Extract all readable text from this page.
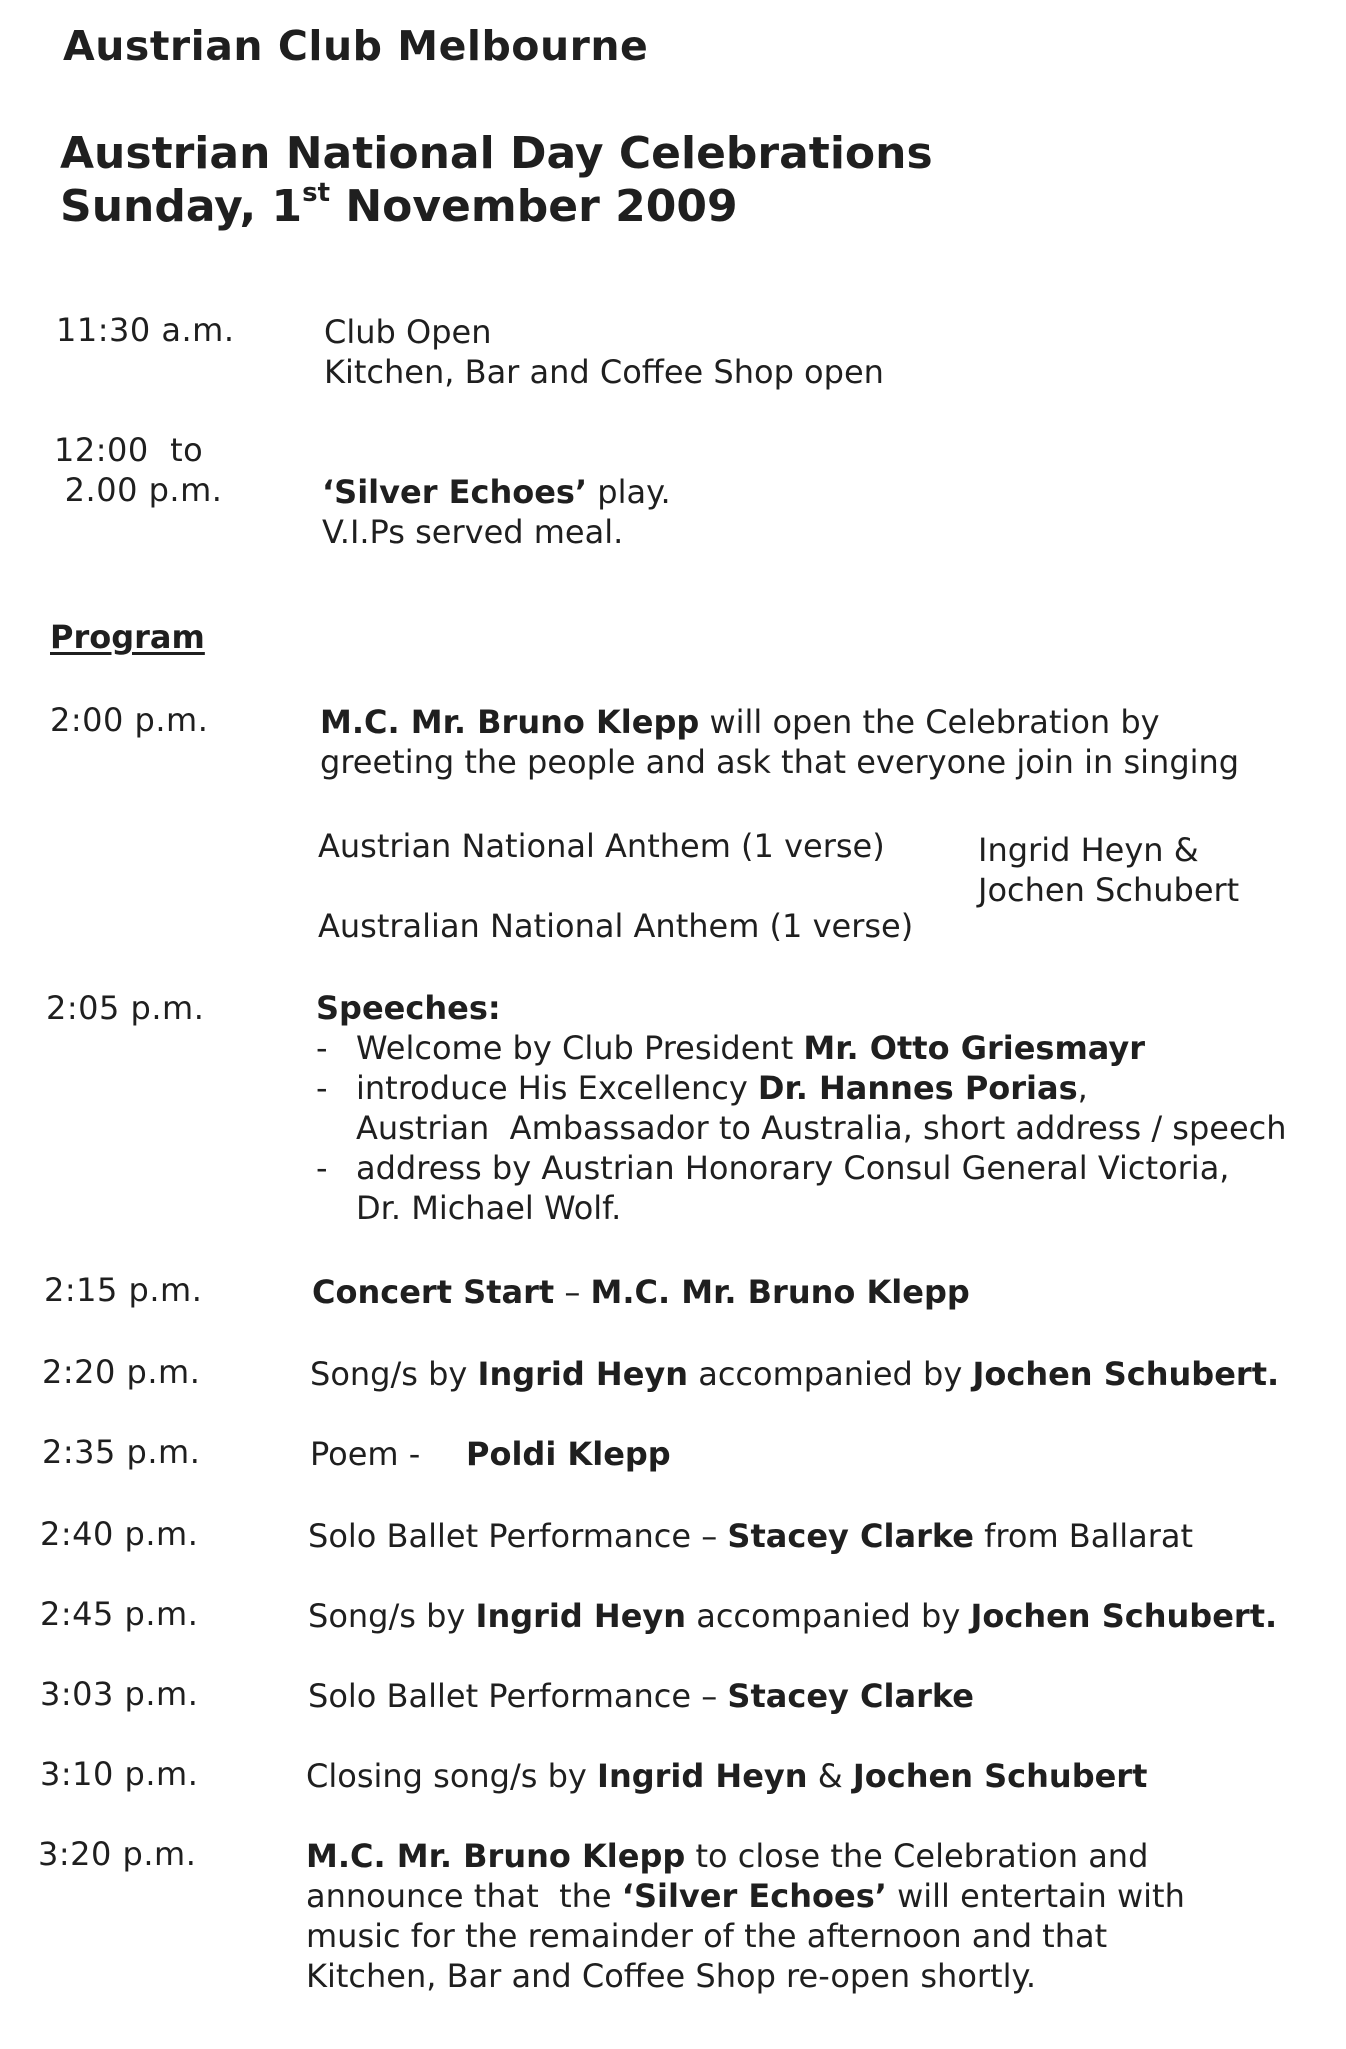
Austrian Club Melbourne
Austrian National Day Celebrations
Sunday, 1st November 2009
11:30 a.m.	Club Open
Kitchen, Bar and Coffee Shop open
12:00  to
2.00 p.m.	‘Silver Echoes’ play.
V.I.Ps served meal.
Program
2:00 p.m.	M.C. Mr. Bruno Klepp will open the Celebration by
greeting the people and ask that everyone join in singing
Austrian National Anthem (1 verse)
Australian National Anthem (1 verse)
Ingrid Heyn &
Jochen Schubert
2:05 p.m.	Speeches:
- Welcome by Club President Mr. Otto Griesmayr
- introduce His Excellency Dr. Hannes Porias,
Austrian  Ambassador to Australia, short address / speech
- address by Austrian Honorary Consul General Victoria,
Dr. Michael Wolf.
2:15 p.m.	Concert Start – M.C. Mr. Bruno Klepp
2:20 p.m.	Song/s by Ingrid Heyn accompanied by Jochen Schubert.
2:35 p.m.	Poem - Poldi Klepp
2:40 p.m.	Solo Ballet Performance – Stacey Clarke from Ballarat
2:45 p.m.	Song/s by Ingrid Heyn accompanied by Jochen Schubert.
3:03 p.m.	Solo Ballet Performance – Stacey Clarke
3:10 p.m.	Closing song/s by Ingrid Heyn & Jochen Schubert
3:20 p.m.	M.C. Mr. Bruno Klepp to close the Celebration and
announce that  the ‘Silver Echoes’ will entertain with
music for the remainder of the afternoon and that
Kitchen, Bar and Coffee Shop re-open shortly.
